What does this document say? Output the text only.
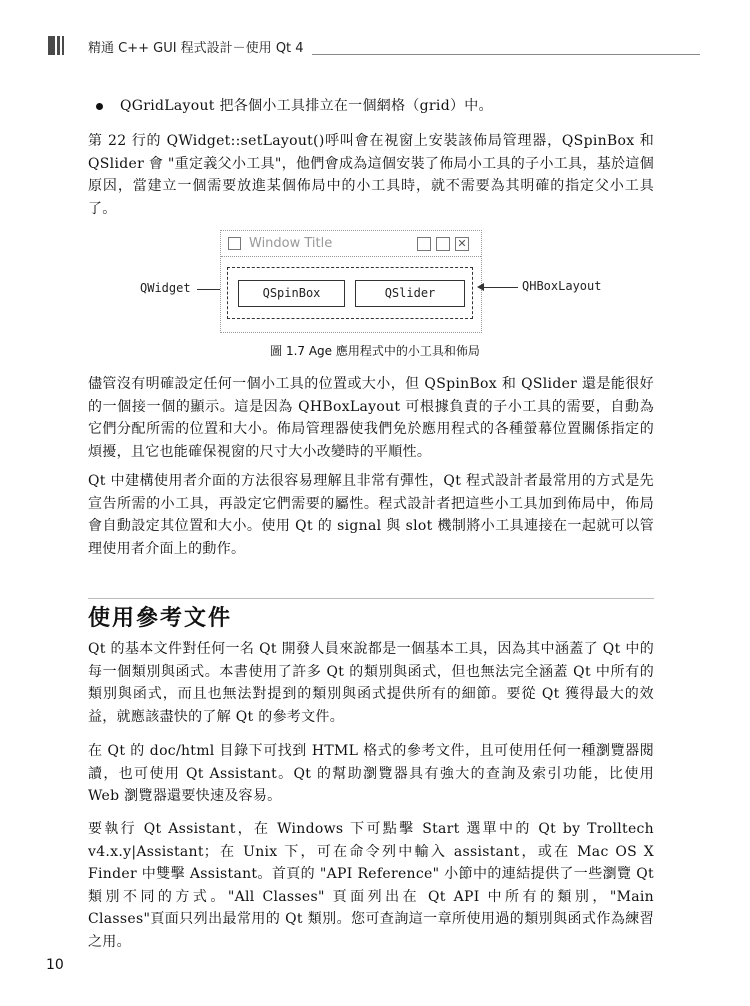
精通 C++ GUI 程式設計－使用 Qt 4
QGridLayout 把各個小工具排立在一個網格（grid）中。
第 22 行的 QWidget::setLayout()呼叫會在視窗上安裝該佈局管理器，QSpinBox 和 QSlider 會 "重定義父小工具"，他們會成為這個安裝了佈局小工具的子小工具，基於這個原因，當建立一個需要放進某個佈局中的小工具時，就不需要為其明確的指定父小工具了。
QWidget
Window Title	✕
QSpinBox	QSlider	QHBoxLayout
圖 1.7 Age 應用程式中的小工具和佈局
儘管沒有明確設定任何一個小工具的位置或大小，但 QSpinBox 和 QSlider 還是能很好的一個接一個的顯示。這是因為 QHBoxLayout 可根據負責的子小工具的需要，自動為它們分配所需的位置和大小。佈局管理器使我們免於應用程式的各種螢幕位置關係指定的煩擾，且它也能確保視窗的尺寸大小改變時的平順性。
Qt 中建構使用者介面的方法很容易理解且非常有彈性，Qt 程式設計者最常用的方式是先宣告所需的小工具，再設定它們需要的屬性。程式設計者把這些小工具加到佈局中，佈局會自動設定其位置和大小。使用 Qt 的 signal 與 slot 機制將小工具連接在一起就可以管理使用者介面上的動作。
使用參考文件
Qt 的基本文件對任何一名 Qt 開發人員來說都是一個基本工具，因為其中涵蓋了 Qt 中的每一個類別與函式。本書使用了許多 Qt 的類別與函式，但也無法完全涵蓋 Qt 中所有的類別與函式，而且也無法對提到的類別與函式提供所有的細節。要從 Qt 獲得最大的效益，就應該盡快的了解 Qt 的參考文件。
在 Qt 的 doc/html 目錄下可找到 HTML 格式的參考文件，且可使用任何一種瀏覽器閱讀，也可使用 Qt Assistant。Qt 的幫助瀏覽器具有強大的查詢及索引功能，比使用 Web 瀏覽器還要快速及容易。
要執行 Qt Assistant，在 Windows 下可點擊 Start 選單中的 Qt by Trolltech v4.x.y|Assistant；在 Unix 下，可在命令列中輸入 assistant，或在 Mac OS X Finder 中雙擊 Assistant。首頁的 "API Reference" 小節中的連結提供了一些瀏覽 Qt 類別不同的方式。"All Classes" 頁面列出在 Qt API 中所有的類別，"Main Classes"頁面只列出最常用的 Qt 類別。您可查詢這一章所使用過的類別與函式作為練習之用。
10
